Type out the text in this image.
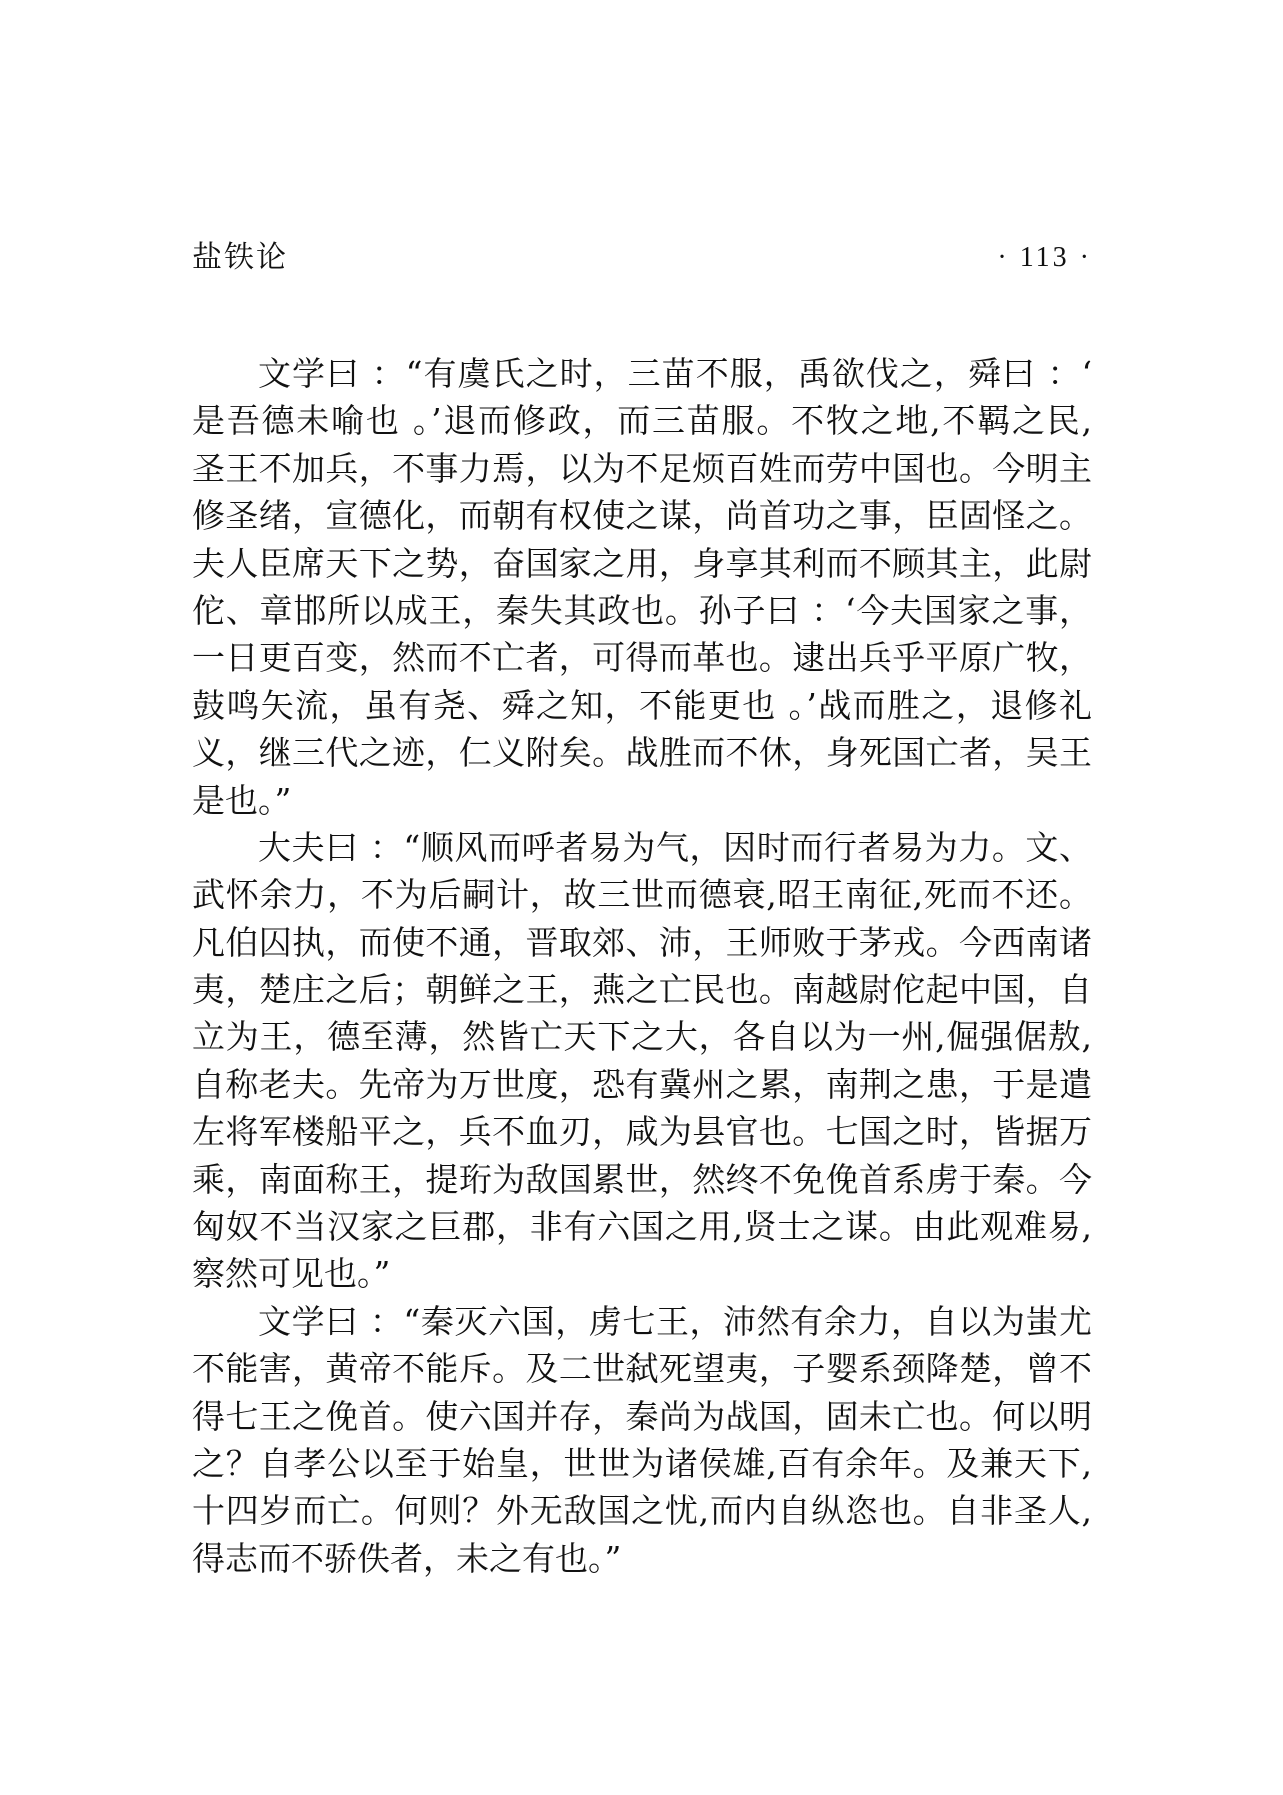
盐铁论	· 113 ·
文学曰 ：“有虞氏之时，三苗不服，禹欲伐之，舜曰 ：‘
是吾德未喻也 。’退而修政，而三苗服。不牧之地,不羁之民,
圣王不加兵，不事力焉，以为不足烦百姓而劳中国也。今明主
修圣绪，宣德化，而朝有权使之谋，尚首功之事，臣固怪之。
夫人臣席天下之势，奋国家之用，身享其利而不顾其主，此尉
佗、章邯所以成王，秦失其政也。孙子曰 ：‘今夫国家之事，
一日更百变，然而不亡者，可得而革也。逮出兵乎平原广牧，
鼓鸣矢流，虽有尧、舜之知，不能更也 。’战而胜之，退修礼
义，继三代之迹，仁义附矣。战胜而不休，身死国亡者，吴王
是也。”
大夫曰 ：“顺风而呼者易为气，因时而行者易为力。文、
武怀余力，不为后嗣计，故三世而德衰,昭王南征,死而不还。
凡伯囚执，而使不通，晋取郊、沛，王师败于茅戎。今西南诸
夷，楚庄之后；朝鲜之王，燕之亡民也。南越尉佗起中国，自
立为王，德至薄，然皆亡天下之大，各自以为一州,倔强倨敖,
自称老夫。先帝为万世度，恐有冀州之累，南荆之患，于是遣
左将军楼船平之，兵不血刃，咸为县官也。七国之时，皆据万
乘，南面称王，提珩为敌国累世，然终不免俛首系虏于秦。今
匈奴不当汉家之巨郡，非有六国之用,贤士之谋。由此观难易,
察然可见也。”
文学曰 ：“秦灭六国，虏七王，沛然有余力，自以为蚩尤
不能害，黄帝不能斥。及二世弑死望夷，子婴系颈降楚，曾不
得七王之俛首。使六国并存，秦尚为战国，固未亡也。何以明
之？自孝公以至于始皇，世世为诸侯雄,百有余年。及兼天下,
十四岁而亡。何则？外无敌国之忧,而内自纵恣也。自非圣人,
得志而不骄佚者，未之有也。”
